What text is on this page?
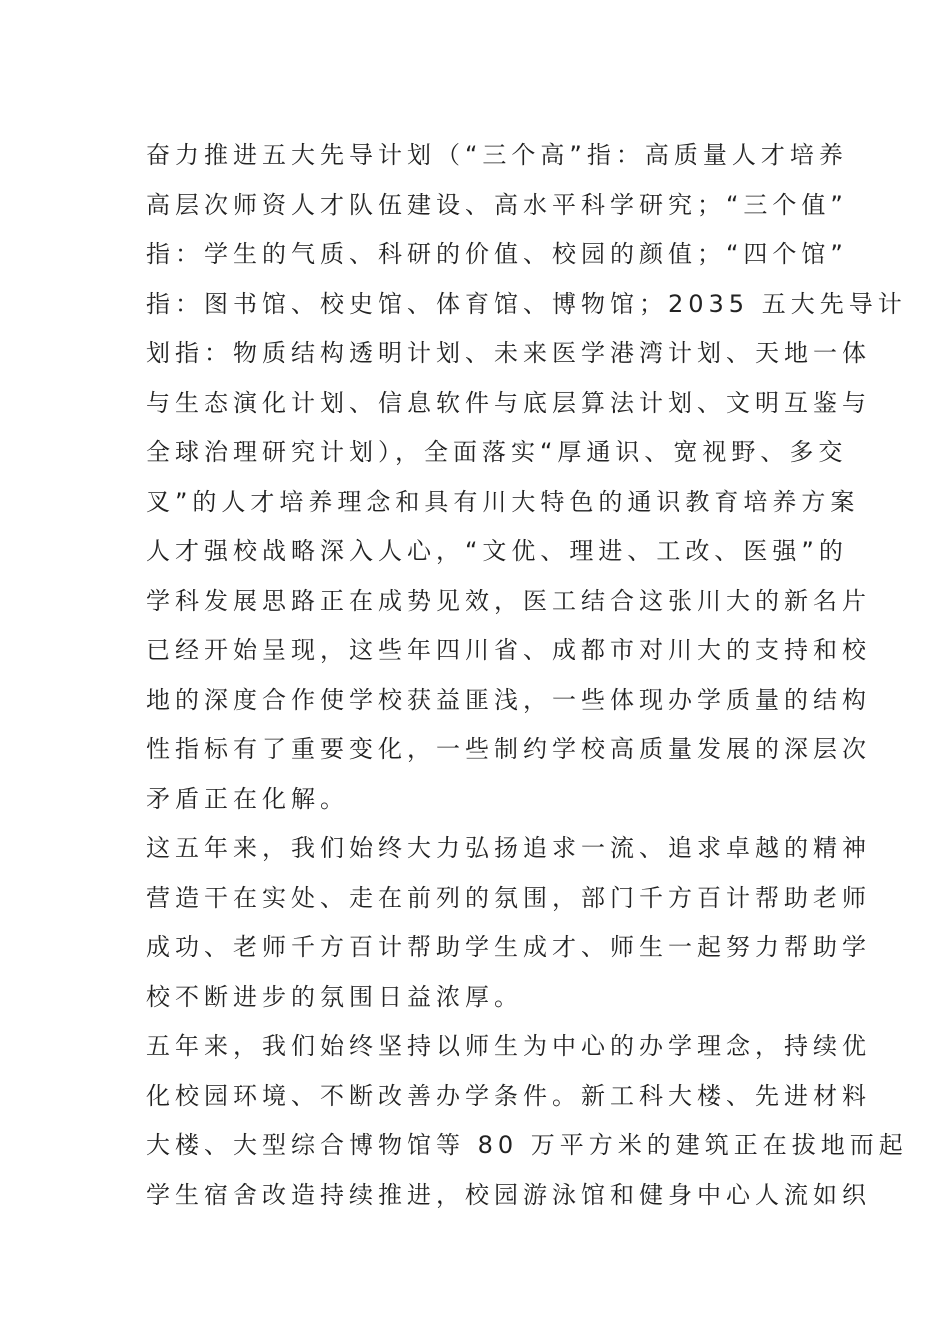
奋力推进五大先导计划（“三个高”指：高质量人才培养
高层次师资人才队伍建设、高水平科学研究；“三个值”
指：学生的气质、科研的价值、校园的颜值；“四个馆”
指：图书馆、校史馆、体育馆、博物馆；2035 五大先导计
划指：物质结构透明计划、未来医学港湾计划、天地一体
与生态演化计划、信息软件与底层算法计划、文明互鉴与
全球治理研究计划），全面落实“厚通识、宽视野、多交
叉”的人才培养理念和具有川大特色的通识教育培养方案
人才强校战略深入人心，“文优、理进、工改、医强”的
学科发展思路正在成势见效，医工结合这张川大的新名片
已经开始呈现，这些年四川省、成都市对川大的支持和校
地的深度合作使学校获益匪浅，一些体现办学质量的结构
性指标有了重要变化，一些制约学校高质量发展的深层次
矛盾正在化解。

这五年来，我们始终大力弘扬追求一流、追求卓越的精神
营造干在实处、走在前列的氛围，部门千方百计帮助老师
成功、老师千方百计帮助学生成才、师生一起努力帮助学
校不断进步的氛围日益浓厚。

五年来，我们始终坚持以师生为中心的办学理念，持续优
化校园环境、不断改善办学条件。新工科大楼、先进材料
大楼、大型综合博物馆等 80 万平方米的建筑正在拔地而起
学生宿舍改造持续推进，校园游泳馆和健身中心人流如织
